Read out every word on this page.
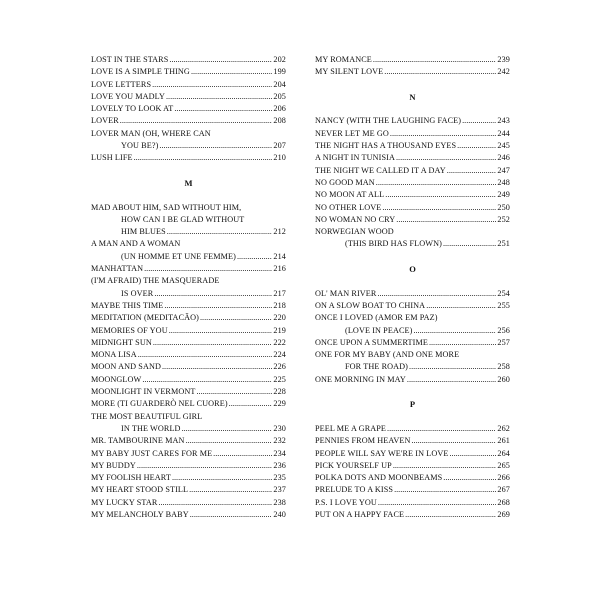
LOST IN THE STARS .....	202
LOVE IS A SIMPLE THING .....	199
LOVE LETTERS .....	204
LOVE YOU MADLY .....	205
LOVELY TO LOOK AT .....	206
LOVER .....	208
LOVER MAN (OH, WHERE CAN
YOU BE?) .....	207
LUSH LIFE .....	210
M
MAD ABOUT HIM, SAD WITHOUT HIM,
HOW CAN I BE GLAD WITHOUT
HIM BLUES .....	212
A MAN AND A WOMAN
(UN HOMME ET UNE FEMME) .....	214
MANHATTAN .....	216
(I'M AFRAID) THE MASQUERADE
IS OVER .....	217
MAYBE THIS TIME .....	218
MEDITATION (MEDITACÃO) .....	220
MEMORIES OF YOU .....	219
MIDNIGHT SUN .....	222
MONA LISA .....	224
MOON AND SAND .....	226
MOONGLOW .....	225
MOONLIGHT IN VERMONT .....	228
MORE (TI GUARDERÒ NEL CUORE) .....	229
THE MOST BEAUTIFUL GIRL
IN THE WORLD .....	230
MR. TAMBOURINE MAN .....	232
MY BABY JUST CARES FOR ME .....	234
MY BUDDY .....	236
MY FOOLISH HEART .....	235
MY HEART STOOD STILL .....	237
MY LUCKY STAR .....	238
MY MELANCHOLY BABY .....	240
MY ROMANCE .....	239
MY SILENT LOVE .....	242
N
NANCY (WITH THE LAUGHING FACE) .....	243
NEVER LET ME GO .....	244
THE NIGHT HAS A THOUSAND EYES .....	245
A NIGHT IN TUNISIA .....	246
THE NIGHT WE CALLED IT A DAY .....	247
NO GOOD MAN .....	248
NO MOON AT ALL .....	249
NO OTHER LOVE .....	250
NO WOMAN NO CRY .....	252
NORWEGIAN WOOD
(THIS BIRD HAS FLOWN) .....	251
O
OL' MAN RIVER .....	254
ON A SLOW BOAT TO CHINA .....	255
ONCE I LOVED (AMOR EM PAZ)
(LOVE IN PEACE) .....	256
ONCE UPON A SUMMERTIME .....	257
ONE FOR MY BABY (AND ONE MORE
FOR THE ROAD) .....	258
ONE MORNING IN MAY .....	260
P
PEEL ME A GRAPE .....	262
PENNIES FROM HEAVEN .....	261
PEOPLE WILL SAY WE'RE IN LOVE .....	264
PICK YOURSELF UP .....	265
POLKA DOTS AND MOONBEAMS .....	266
PRELUDE TO A KISS .....	267
P.S. I LOVE YOU .....	268
PUT ON A HAPPY FACE .....	269
